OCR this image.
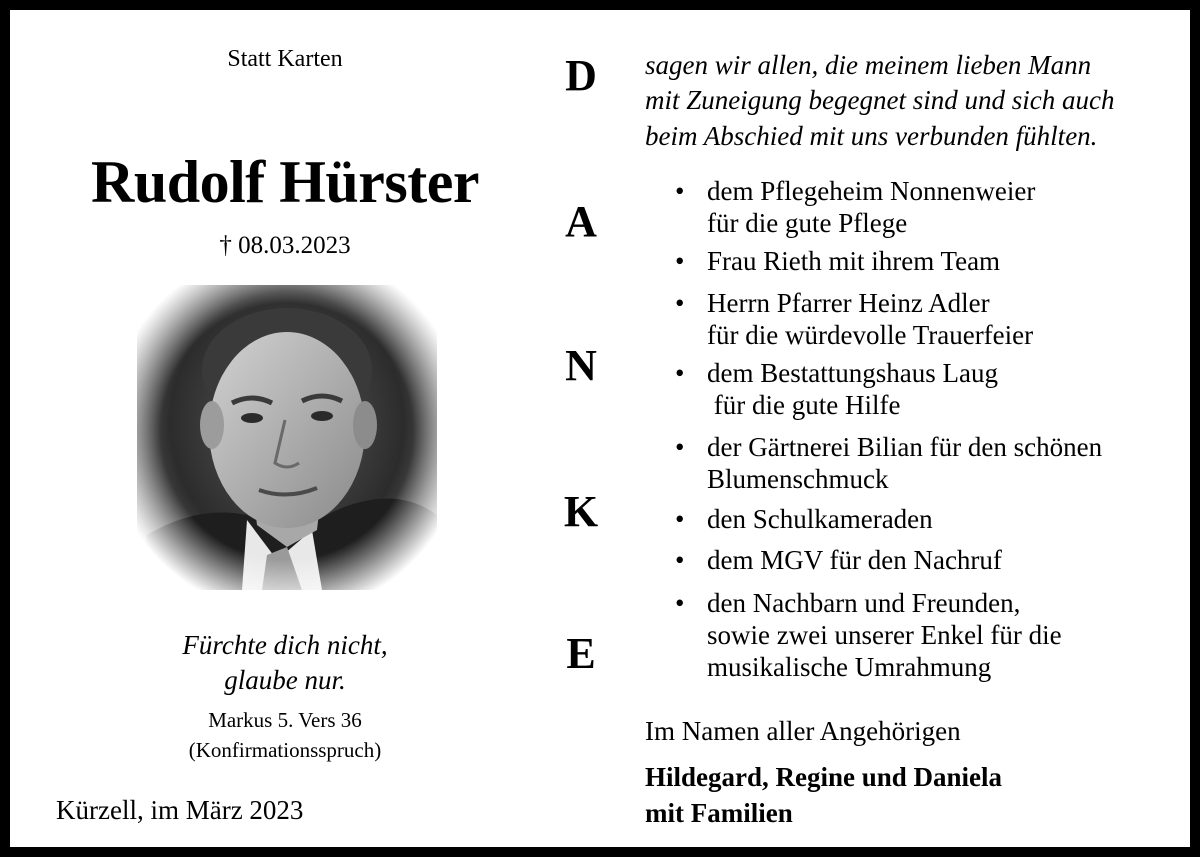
Statt Karten
Rudolf Hürster
† 08.03.2023
Fürchte dich nicht,
glaube nur.
Markus 5. Vers 36
(Konfirmationsspruch)
Kürzell, im März 2023
D
A
N
K
E
sagen wir allen, die meinem lieben Mann
mit Zuneigung begegnet sind und sich auch
beim Abschied mit uns verbunden fühlten.
• dem Pflegeheim Nonnenweier
für die gute Pflege
• Frau Rieth mit ihrem Team
• Herrn Pfarrer Heinz Adler
für die würdevolle Trauerfeier
• dem Bestattungshaus Laug
für die gute Hilfe
• der Gärtnerei Bilian für den schönen
Blumenschmuck
• den Schulkameraden
• dem MGV für den Nachruf
• den Nachbarn und Freunden,
sowie zwei unserer Enkel für die
musikalische Umrahmung
Im Namen aller Angehörigen
Hildegard, Regine und Daniela
mit Familien
